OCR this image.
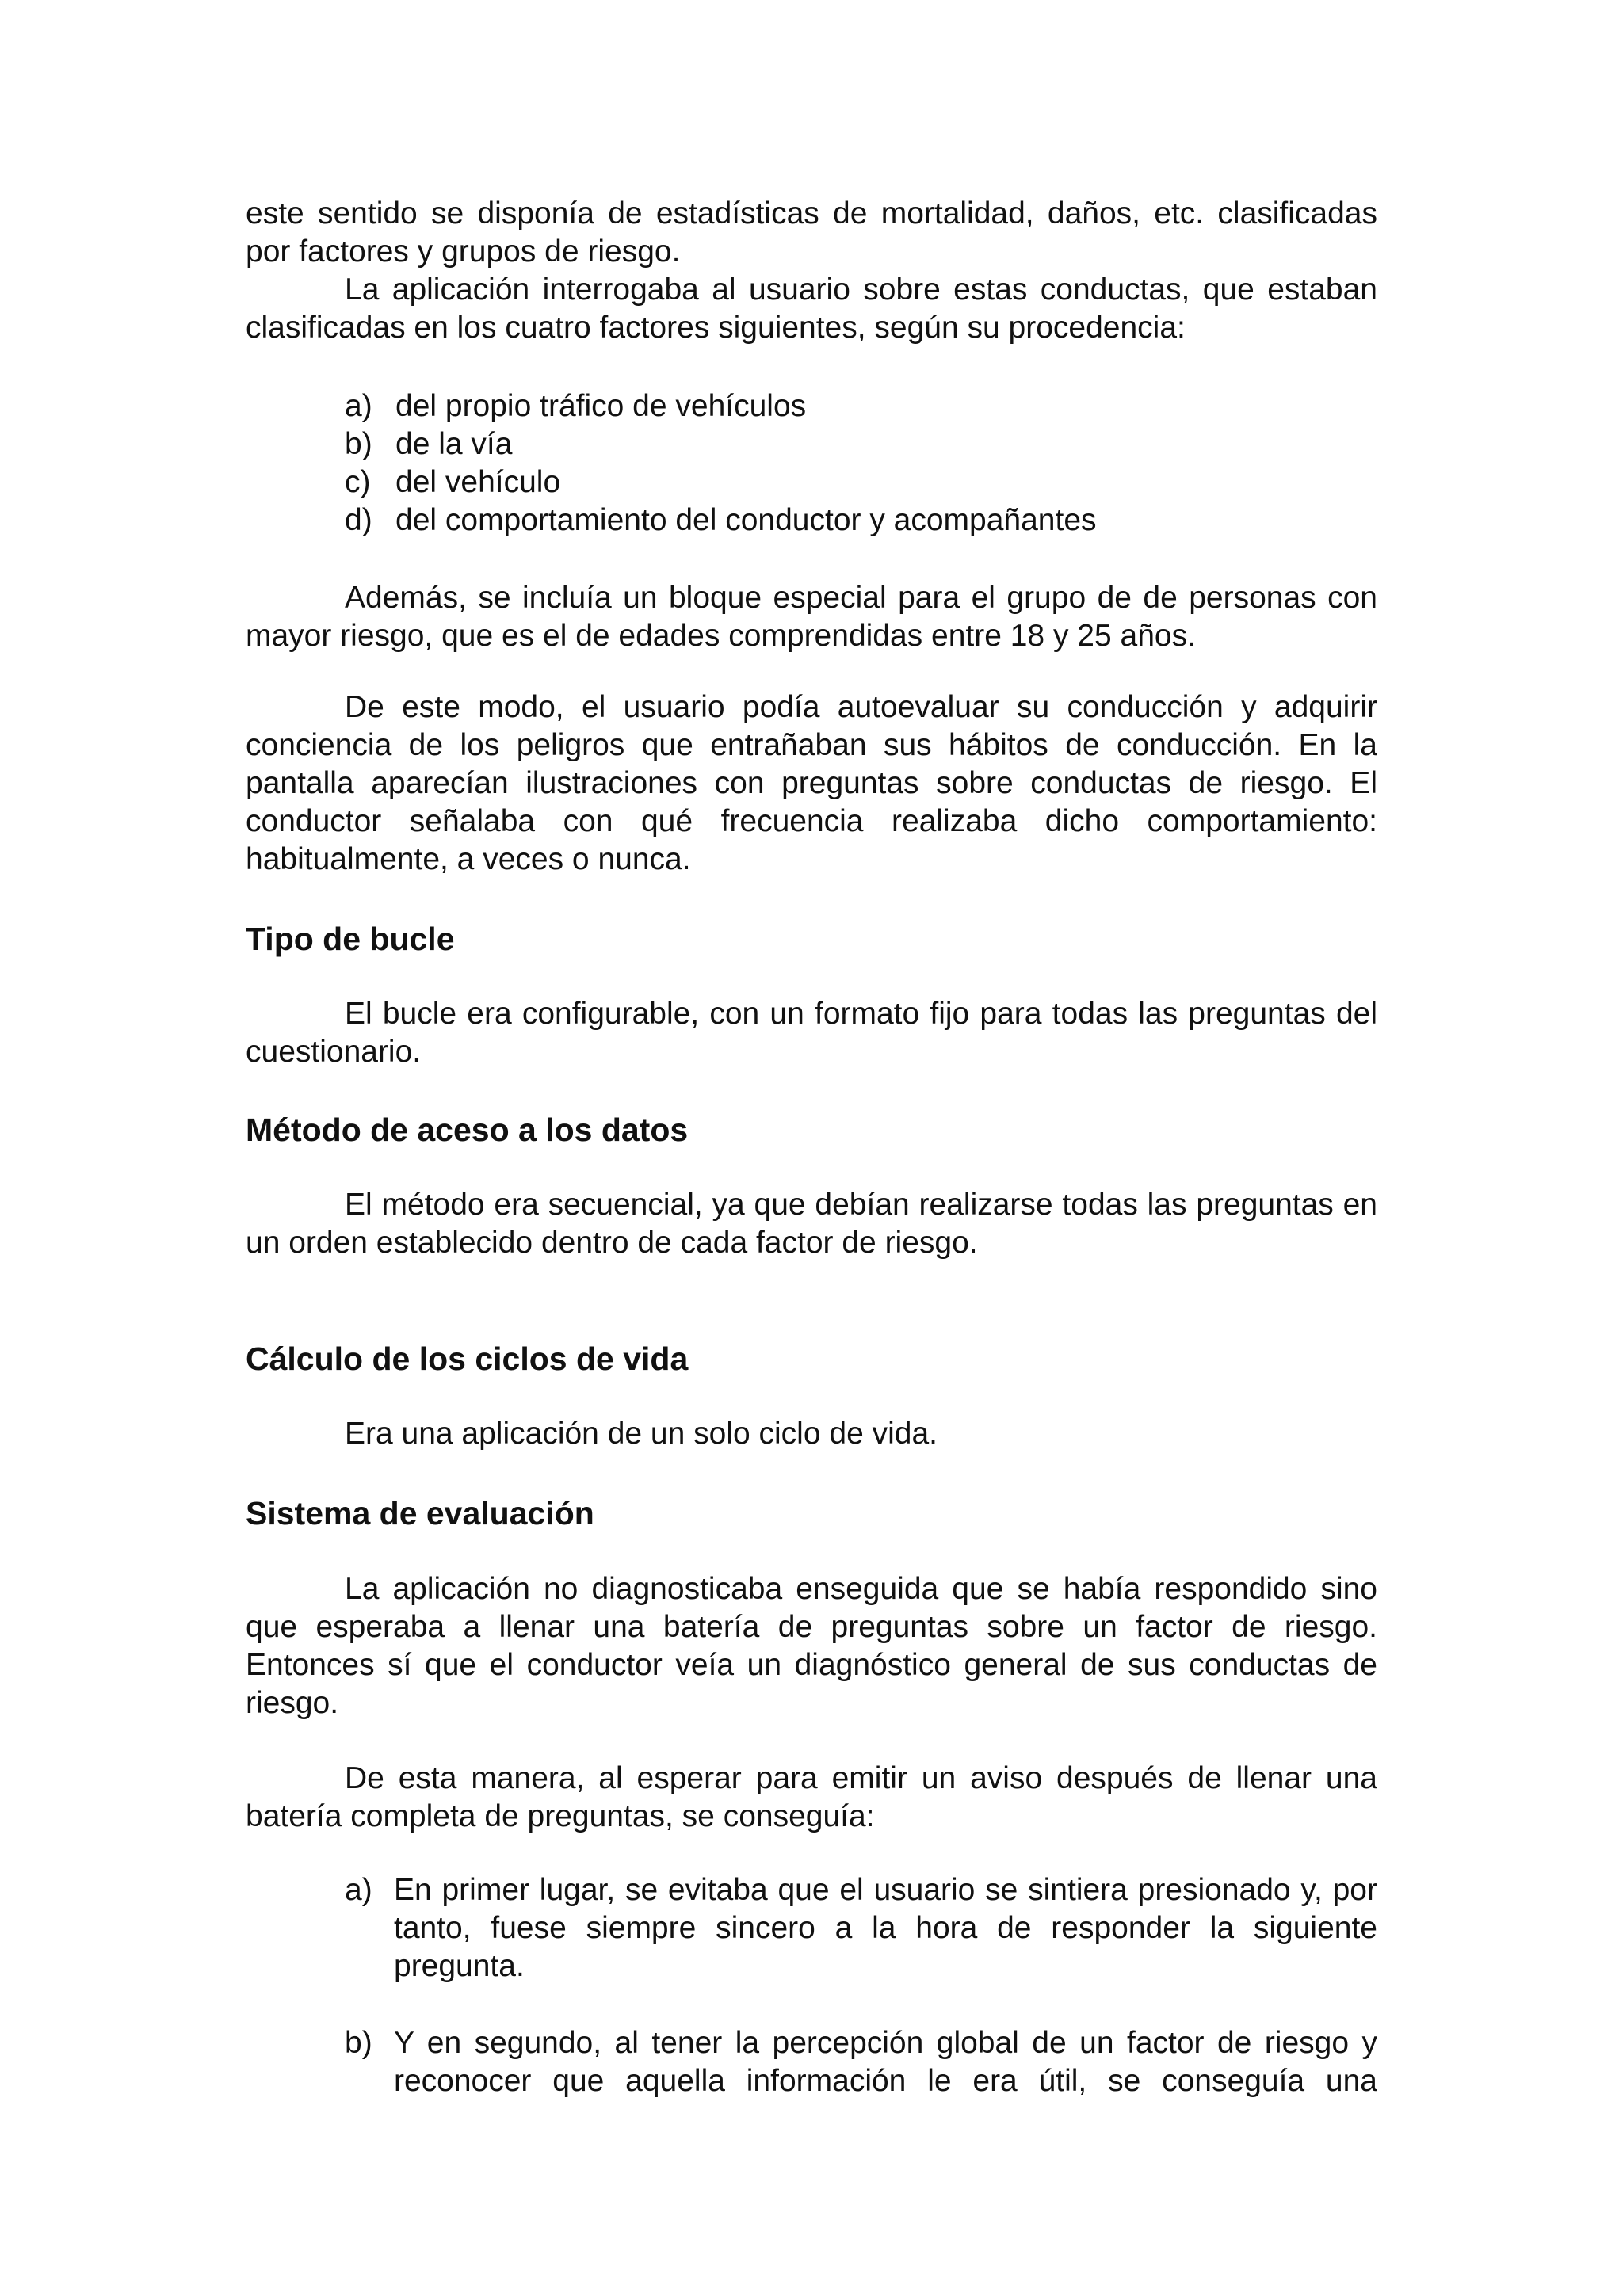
este sentido se disponía de estadísticas de mortalidad, daños, etc. clasificadas por factores y grupos de riesgo.

La aplicación interrogaba al usuario sobre estas conductas, que estaban clasificadas en los cuatro factores siguientes, según su procedencia:

a) del propio tráfico de vehículos
b) de la vía
c) del vehículo
d) del comportamiento del conductor y acompañantes

Además, se incluía un bloque especial para el grupo de de personas con mayor riesgo, que es el de edades comprendidas entre 18 y 25 años.

De este modo, el usuario podía autoevaluar su conducción y adquirir conciencia de los peligros que entrañaban sus hábitos de conducción. En la pantalla aparecían ilustraciones con preguntas sobre conductas de riesgo. El conductor señalaba con qué frecuencia realizaba dicho comportamiento: habitualmente, a veces o nunca.

Tipo de bucle

El bucle era configurable, con un formato fijo para todas las preguntas del cuestionario.

Método de aceso a los datos

El método era secuencial, ya que debían realizarse todas las preguntas en un orden establecido dentro de cada factor de riesgo.

Cálculo de los ciclos de vida

Era una aplicación de un solo ciclo de vida.

Sistema de evaluación

La aplicación no diagnosticaba enseguida que se había respondido sino que esperaba a llenar una batería de preguntas sobre un factor de riesgo. Entonces sí que el conductor veía un diagnóstico general de sus conductas de riesgo.

De esta manera, al esperar para emitir un aviso después de llenar una batería completa de preguntas, se conseguía:

a) En primer lugar, se evitaba que el usuario se sintiera presionado y, por tanto, fuese siempre sincero a la hora de responder la siguiente pregunta.
b) Y en segundo, al tener la percepción global de un factor de riesgo y reconocer que aquella información le era útil, se conseguía una
